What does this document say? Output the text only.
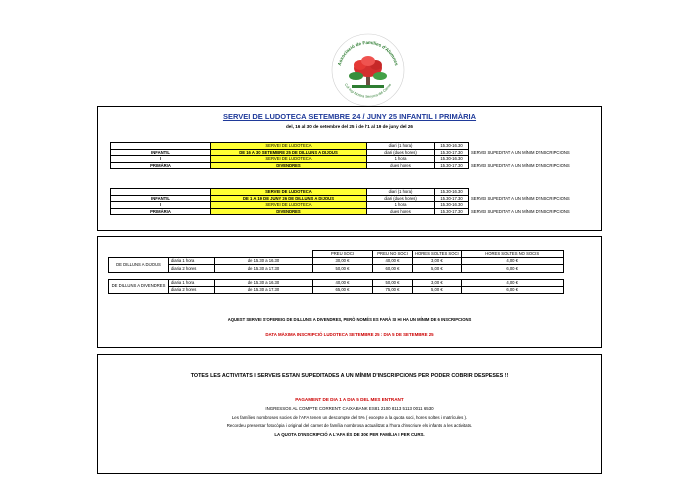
Associació de Families d'Alumnes
Col·legi Nostra Senyora del Carme
SERVEI DE LUDOTECA SETEMBRE 24 / JUNY 25 INFANTIL I PRIMÀRIA
del, 16 al 30 de setembre del 25 i de l'1 al 19 de juny del 26
	SERVEI DE LUDOTECA	diari (1 hora)	15.30-16.30	
INFANTIL	DE 16 A 30 SETEMBRE 25 DE DILLUNS A DIJOUS	diari (dues hores)	15.30-17.30	SERVEI SUPEDITAT A UN MÍNIM D'INSCRIPCIONS
I	SERVEI DE LUDOTECA	1 hora	15.30-16.30	
PRIMÀRIA	DIVENDRES	dues hores	15.30-17.30	SERVEI SUPEDITAT A UN MÍNIM D'INSCRIPCIONS
	SERVEI DE LUDOTECA	diari (1 hora)	15.30-16.30	
INFANTIL	DE 1 A 19 DE JUNY 26 DE DILLUNS A DIJOUS	diari (dues hores)	15.30-17.30	SERVEI SUPEDITAT A UN MÍNIM D'INSCRIPCIONS
I	SERVEI DE LUDOTECA	1 hora	15.30-16.30	
PRIMÀRIA	DIVENDRES	dues hores	15.30-17.30	SERVEI SUPEDITAT A UN MÍNIM D'INSCRIPCIONS
			PREU SOCI	PREU NO SOCI	HORES SOLTES SOCI	HORES SOLTES NO SOCIS
DE DILLUNS A DIJOUS	diaria 1 hora	de 15.30 a 16.30	30,00 €	40,00 €	3,00 €	4,00 €
	diaria 2 hores	de 15.30 a 17.30	50,00 €	60,00 €	5,00 €	6,00 €

DE DILLUNS A DIVENDRES	diaria 1 hora	de 15.30 a 16.30	40,00 €	50,00 €	3,00 €	4,00 €
	diaria 2 hores	de 15.30 a 17.30	65,00 €	75,00 €	5,00 €	6,00 €
AQUEST SERVEI S'OFEREIG DE DILLUNS A DIVENDRES, PERÒ NOMÉS ES FARÀ SI HI HA UN MÍNIM DE 6 INSCRIPCIONS
DATA MÀXIMA INSCRIPCIÓ LUDOTECA SETEMBRE 25 : DIA 5 DE SETEMBRE 25
TOTES LES ACTIVITATS I SERVEIS ESTAN SUPEDITADES A UN MÍNIM D'INSCRIPCIONS PER PODER COBRIR DESPESES !!
PAGAMENT DE DIA 1 A DIA 5 DEL MES ENTRANT
INGRESSOS AL COMPTE CORRENT: CAIXABANK ES81 2100 8113 5113 0011 6530
Les famílies nombroses socies de l'AFA tenen un descompte del 5% ( excepte a la quota soci, hores soltes i matrícules ).
Recordeu presentar fotocòpia i original del carnet de família nombrosa actualitzat a l'hora d'inscriure els infants a les activitats.
LA QUOTA D'INSCRIPCIÓ A L'AFA ÉS DE 30€ PER FAMÍLIA I PER CURS.
